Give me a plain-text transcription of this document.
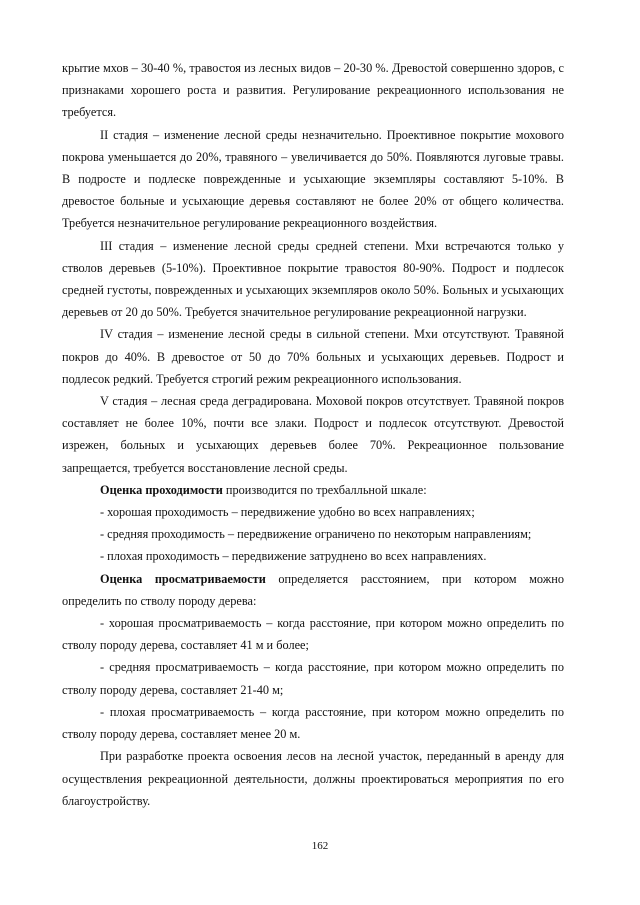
крытие мхов – 30-40 %, травостоя из лесных видов – 20-30 %. Древостой совершенно здоров, с признаками хорошего роста и развития. Регулирование рекреационного использования не требуется.

II стадия – изменение лесной среды незначительно. Проективное покрытие мохового покрова уменьшается до 20%, травяного – увеличивается до 50%. Появляются луговые травы. В подросте и подлеске поврежденные и усыхающие экземпляры составляют 5-10%. В древостое больные и усыхающие деревья составляют не более 20% от общего количества. Требуется незначительное регулирование рекреационного воздействия.

III стадия – изменение лесной среды средней степени. Мхи встречаются только у стволов деревьев (5-10%). Проективное покрытие травостоя 80-90%. Подрост и подлесок средней густоты, поврежденных и усыхающих экземпляров около 50%. Больных и усыхающих деревьев от 20 до 50%. Требуется значительное регулирование рекреационной нагрузки.

IV стадия – изменение лесной среды в сильной степени. Мхи отсутствуют. Травяной покров до 40%. В древостое от 50 до 70% больных и усыхающих деревьев. Подрост и подлесок редкий. Требуется строгий режим рекреационного использования.

V стадия – лесная среда деградирована. Моховой покров отсутствует. Травяной покров составляет не более 10%, почти все злаки. Подрост и подлесок отсутствуют. Древостой изрежен, больных и усыхающих деревьев более 70%. Рекреационное пользование запрещается, требуется восстановление лесной среды.

Оценка проходимости производится по трехбалльной шкале:

- хорошая проходимость – передвижение удобно во всех направлениях;

- средняя проходимость – передвижение ограничено по некоторым направлениям;

- плохая проходимость – передвижение затруднено во всех направлениях.

Оценка просматриваемости определяется расстоянием, при котором можно определить по стволу породу дерева:

- хорошая просматриваемость – когда расстояние, при котором можно определить по стволу породу дерева, составляет 41 м и более;

- средняя просматриваемость – когда расстояние, при котором можно определить по стволу породу дерева, составляет 21-40 м;

- плохая просматриваемость – когда расстояние, при котором можно определить по стволу породу дерева, составляет менее 20 м.

При разработке проекта освоения лесов на лесной участок, переданный в аренду для осуществления рекреационной деятельности, должны проектироваться мероприятия по его благоустройству.

162
